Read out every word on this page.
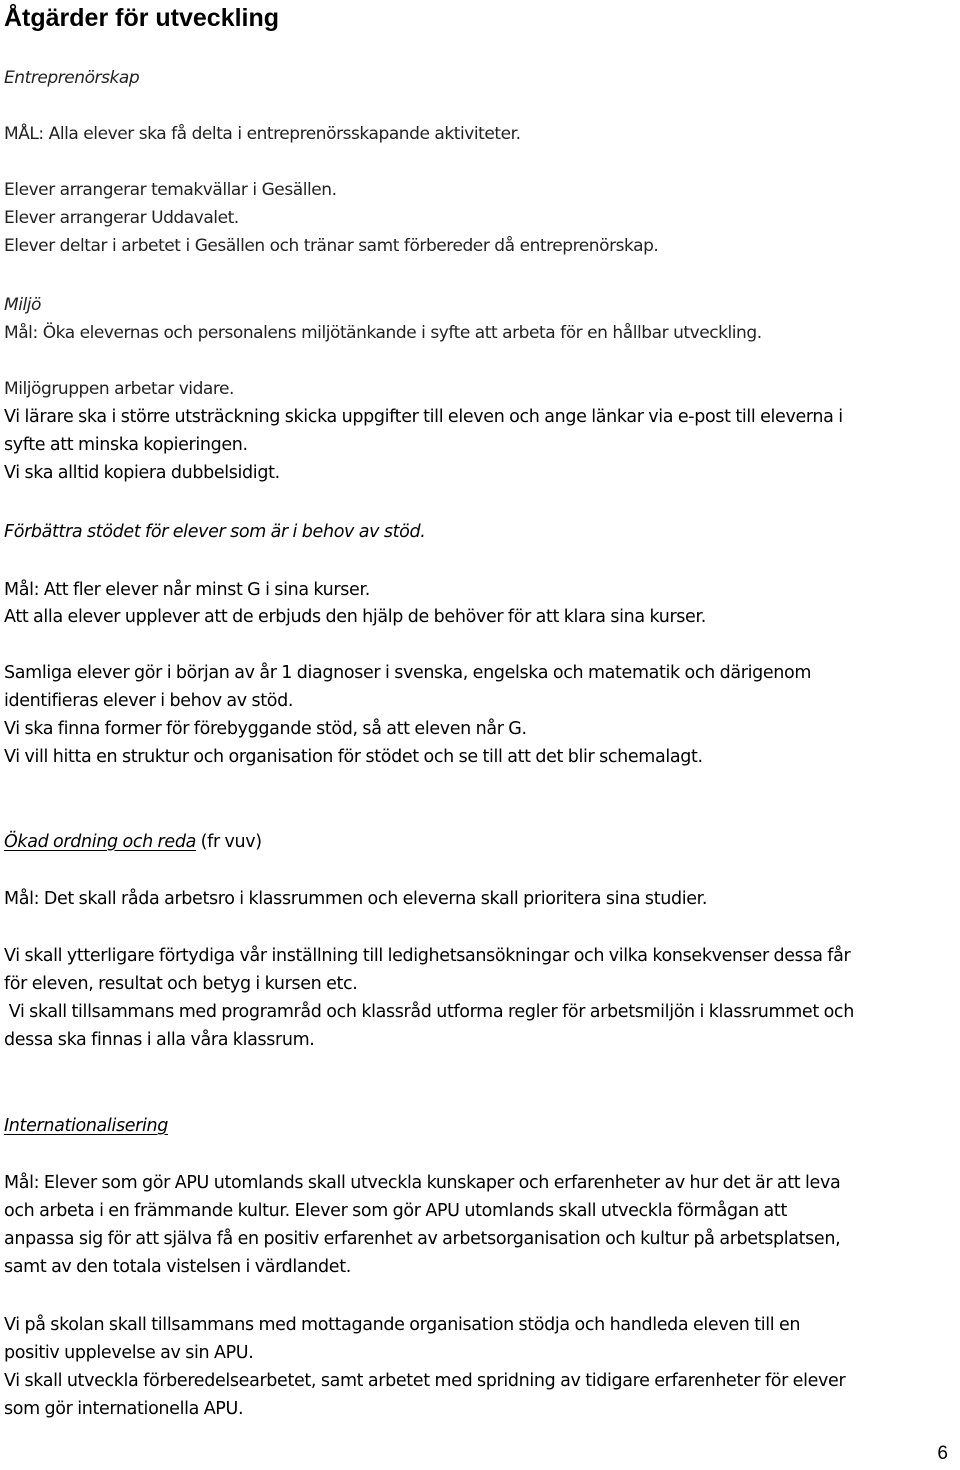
Åtgärder för utveckling
Entreprenörskap
MÅL: Alla elever ska få delta i entreprenörsskapande aktiviteter.
Elever arrangerar temakvällar i Gesällen.
Elever arrangerar Uddavalet.
Elever deltar i arbetet i Gesällen och tränar samt förbereder då entreprenörskap.
Miljö
Mål: Öka elevernas och personalens miljötänkande i syfte att arbeta för en hållbar utveckling.
Miljögruppen arbetar vidare.
Vi lärare ska i större utsträckning skicka uppgifter till eleven och ange länkar via e-post till eleverna i
syfte att minska kopieringen.
Vi ska alltid kopiera dubbelsidigt.
Förbättra stödet för elever som är i behov av stöd.
Mål: Att fler elever når minst G i sina kurser.
Att alla elever upplever att de erbjuds den hjälp de behöver för att klara sina kurser.
Samliga elever gör i början av år 1 diagnoser i svenska, engelska och matematik och därigenom
identifieras elever i behov av stöd.
Vi ska finna former för förebyggande stöd, så att eleven når G.
Vi vill hitta en struktur och organisation för stödet och se till att det blir schemalagt.
Ökad ordning och reda (fr vuv)
Mål: Det skall råda arbetsro i klassrummen och eleverna skall prioritera sina studier.
Vi skall ytterligare förtydiga vår inställning till ledighetsansökningar och vilka konsekvenser dessa får
för eleven, resultat och betyg i kursen etc.
Vi skall tillsammans med programråd och klassråd utforma regler för arbetsmiljön i klassrummet och
dessa ska finnas i alla våra klassrum.
Internationalisering
Mål: Elever som gör APU utomlands skall utveckla kunskaper och erfarenheter av hur det är att leva
och arbeta i en främmande kultur. Elever som gör APU utomlands skall utveckla förmågan att
anpassa sig för att själva få en positiv erfarenhet av arbetsorganisation och kultur på arbetsplatsen,
samt av den totala vistelsen i värdlandet.
Vi på skolan skall tillsammans med mottagande organisation stödja och handleda eleven till en
positiv upplevelse av sin APU.
Vi skall utveckla förberedelsearbetet, samt arbetet med spridning av tidigare erfarenheter för elever
som gör internationella APU.
6
